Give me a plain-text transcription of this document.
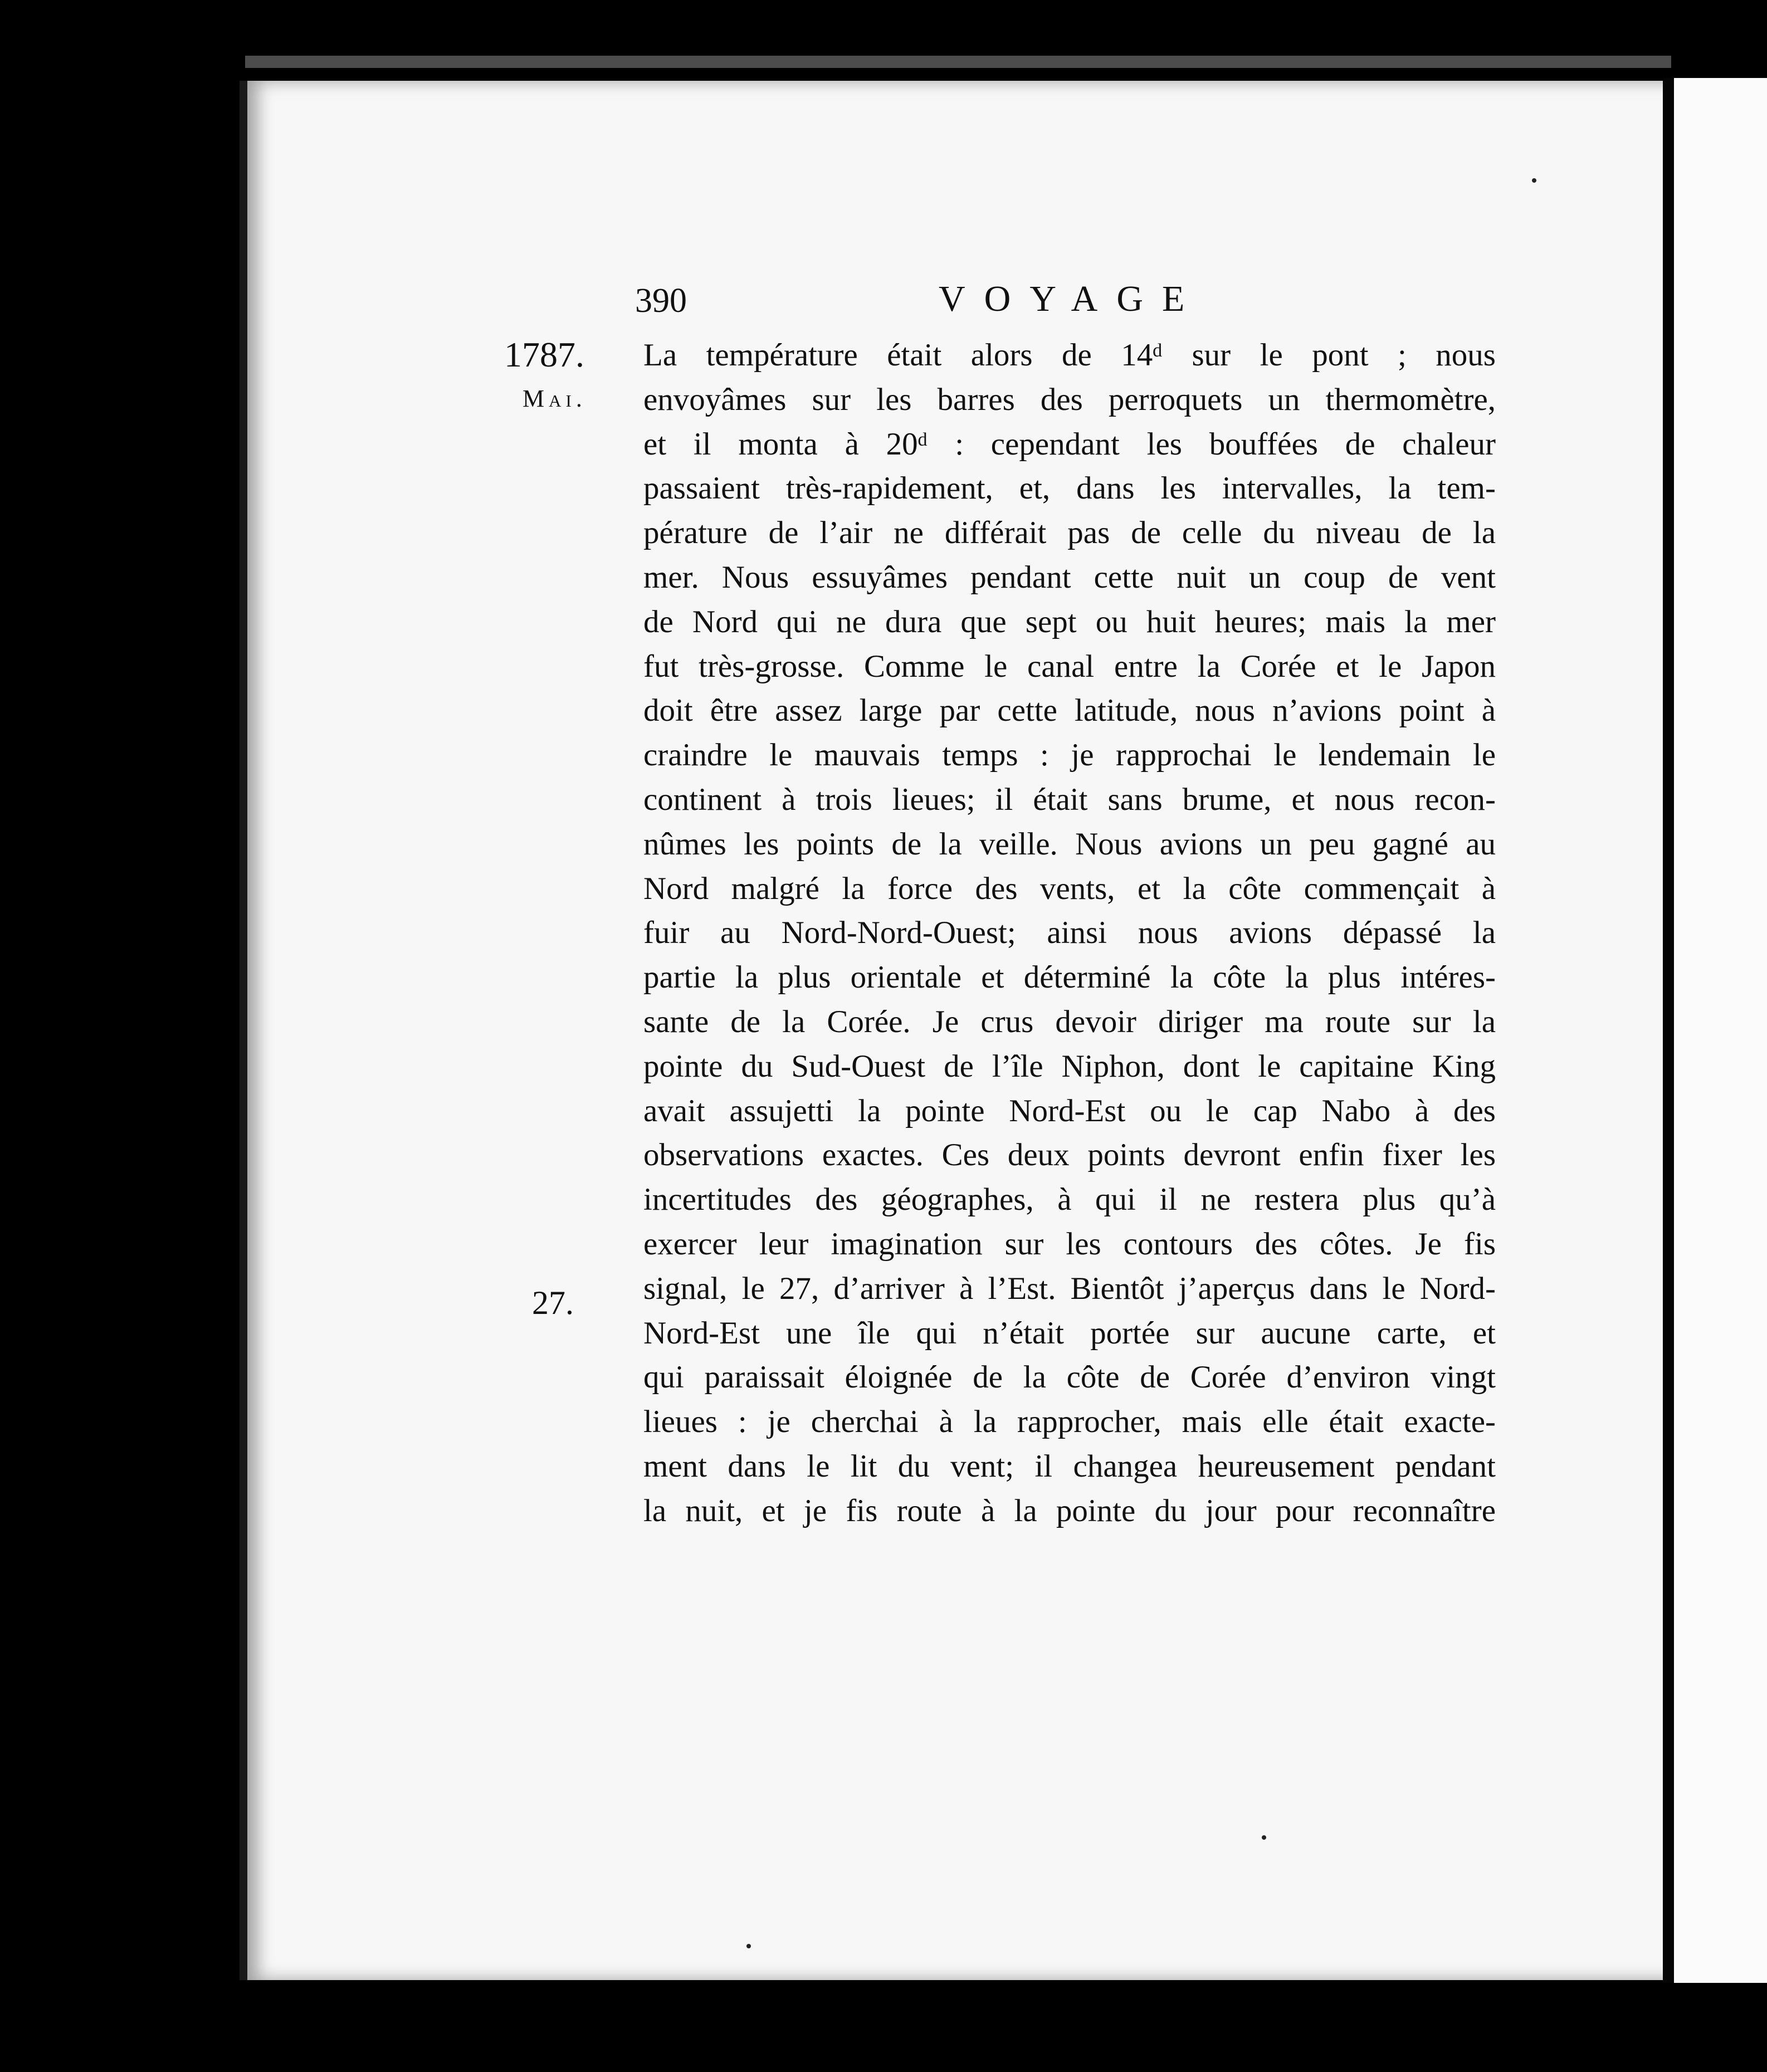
390	VOYAGE
1787.
Mai.
27.
La température était alors de 14ᵈ sur le pont ; nous
envoyâmes sur les barres des perroquets un thermomètre,
et il monta à 20ᵈ : cependant les bouffées de chaleur
passaient très-rapidement, et, dans les intervalles, la tem-
pérature de l’air ne différait pas de celle du niveau de la
mer. Nous essuyâmes pendant cette nuit un coup de vent
de Nord qui ne dura que sept ou huit heures; mais la mer
fut très-grosse. Comme le canal entre la Corée et le Japon
doit être assez large par cette latitude, nous n’avions point à
craindre le mauvais temps : je rapprochai le lendemain le
continent à trois lieues; il était sans brume, et nous recon-
nûmes les points de la veille. Nous avions un peu gagné au
Nord malgré la force des vents, et la côte commençait à
fuir au Nord-Nord-Ouest; ainsi nous avions dépassé la
partie la plus orientale et déterminé la côte la plus intéres-
sante de la Corée. Je crus devoir diriger ma route sur la
pointe du Sud-Ouest de l’île Niphon, dont le capitaine King
avait assujetti la pointe Nord-Est ou le cap Nabo à des
observations exactes. Ces deux points devront enfin fixer les
incertitudes des géographes, à qui il ne restera plus qu’à
exercer leur imagination sur les contours des côtes. Je fis
signal, le 27, d’arriver à l’Est. Bientôt j’aperçus dans le Nord-
Nord-Est une île qui n’était portée sur aucune carte, et
qui paraissait éloignée de la côte de Corée d’environ vingt
lieues : je cherchai à la rapprocher, mais elle était exacte-
ment dans le lit du vent; il changea heureusement pendant
la nuit, et je fis route à la pointe du jour pour reconnaître
